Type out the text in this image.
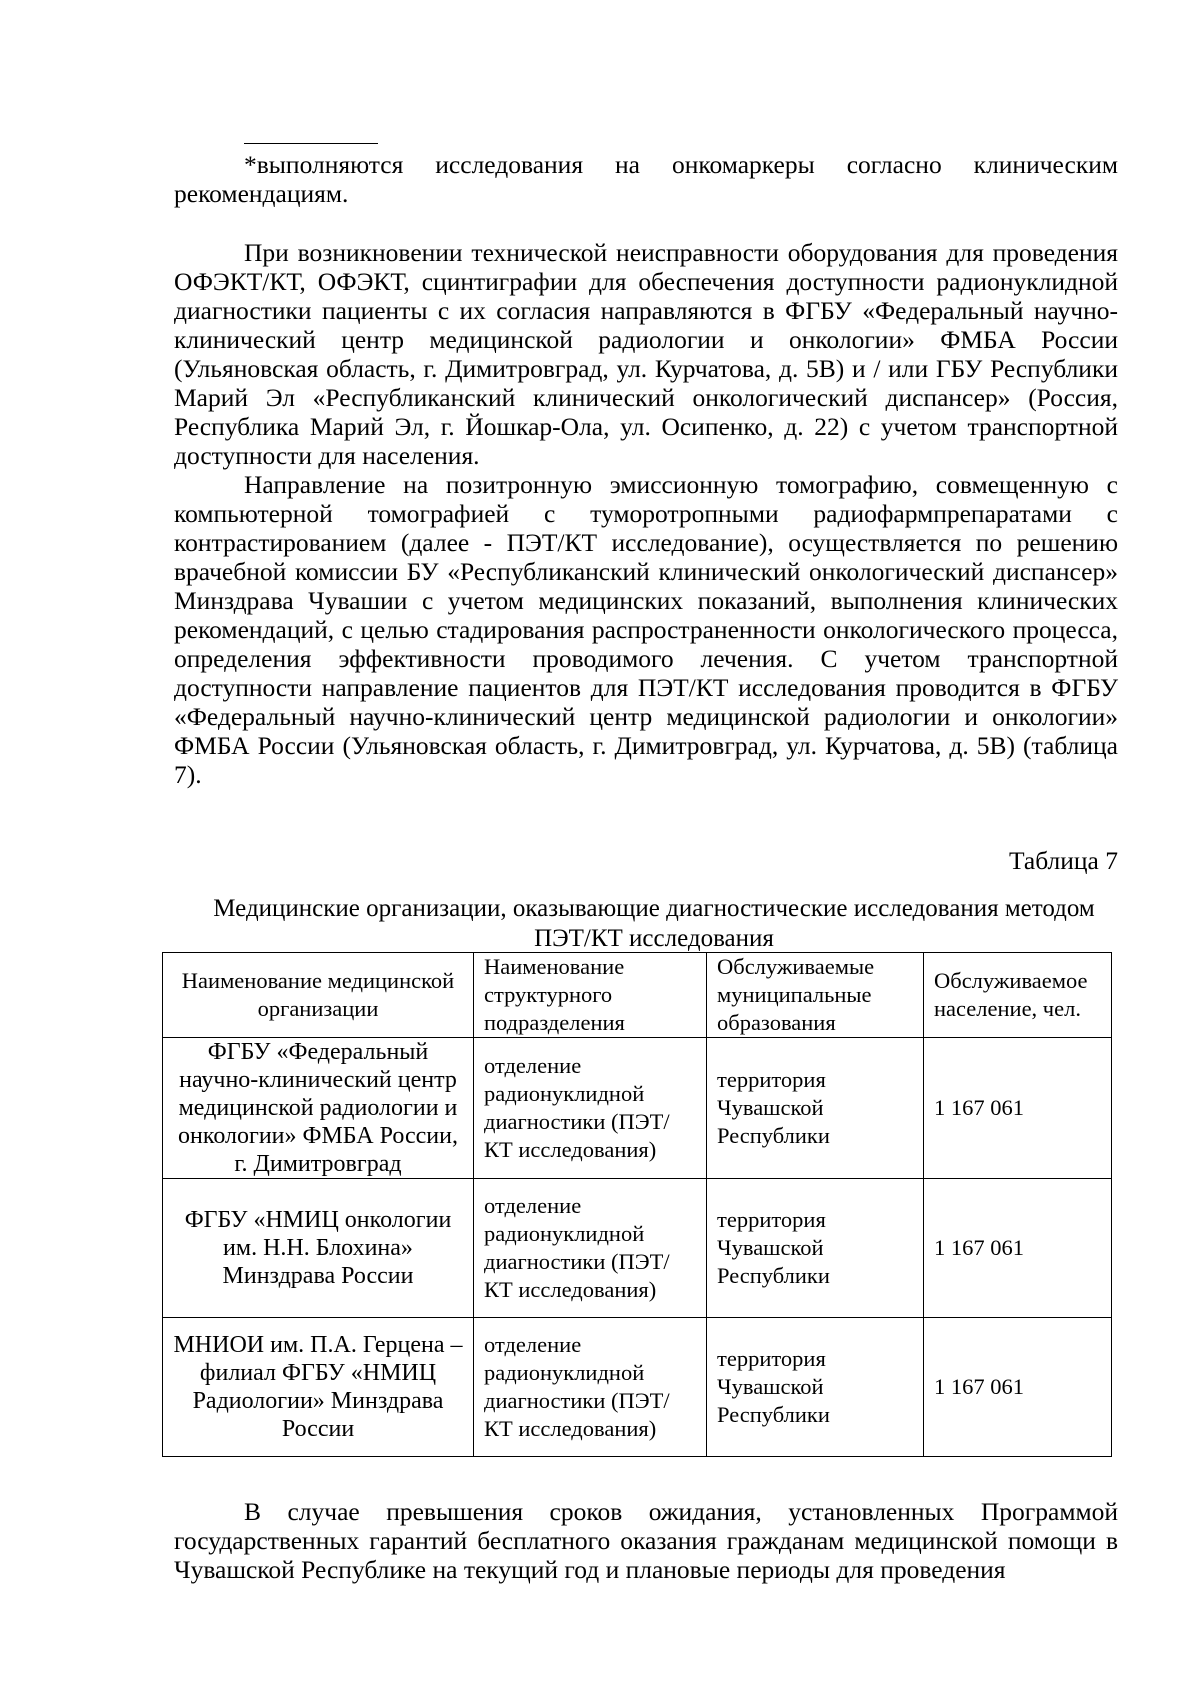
*выполняются исследования на онкомаркеры согласно клиническим рекомендациям.

При возникновении технической неисправности оборудования для проведения ОФЭКТ/КТ, ОФЭКТ, сцинтиграфии для обеспечения доступности радионуклидной диагностики пациенты с их согласия направляются в ФГБУ «Федеральный научно-клинический центр медицинской радиологии и онкологии» ФМБА России (Ульяновская область, г. Димитровград, ул. Курчатова, д. 5В) и / или ГБУ Республики Марий Эл «Республиканский клинический онкологический диспансер» (Россия, Республика Марий Эл, г. Йошкар-Ола, ул. Осипенко, д. 22) с учетом транспортной доступности для населения.

Направление на позитронную эмиссионную томографию, совмещенную с компьютерной томографией с туморотропными радиофармпрепаратами с контрастированием (далее - ПЭТ/КТ исследование), осуществляется по решению врачебной комиссии БУ «Республиканский клинический онкологический диспансер» Минздрава Чувашии с учетом медицинских показаний, выполнения клинических рекомендаций, с целью стадирования распространенности онкологического процесса, определения эффективности проводимого лечения. С учетом транспортной доступности направление пациентов для ПЭТ/КТ исследования проводится в ФГБУ «Федеральный научно-клинический центр медицинской радиологии и онкологии» ФМБА России (Ульяновская область, г. Димитровград, ул. Курчатова, д. 5В) (таблица 7).

Таблица 7
Медицинские организации, оказывающие диагностические исследования методом ПЭТ/КТ исследования
Наименование медицинской организации	Наименование структурного подразделения	Обслуживаемые муниципальные образования	Обслуживаемое население, чел.
ФГБУ «Федеральный научно-клинический центр медицинской радиологии и онкологии» ФМБА России, г. Димитровград	отделение радионуклидной диагностики (ПЭТ/КТ исследования)	территория Чувашской Республики	1 167 061
ФГБУ «НМИЦ онкологии им. Н.Н. Блохина» Минздрава России	отделение радионуклидной диагностики (ПЭТ/КТ исследования)	территория Чувашской Республики	1 167 061
МНИОИ им. П.А. Герцена – филиал ФГБУ «НМИЦ Радиологии» Минздрава России	отделение радионуклидной диагностики (ПЭТ/КТ исследования)	территория Чувашской Республики	1 167 061

В случае превышения сроков ожидания, установленных Программой государственных гарантий бесплатного оказания гражданам медицинской помощи в Чувашской Республике на текущий год и плановые периоды для проведения
